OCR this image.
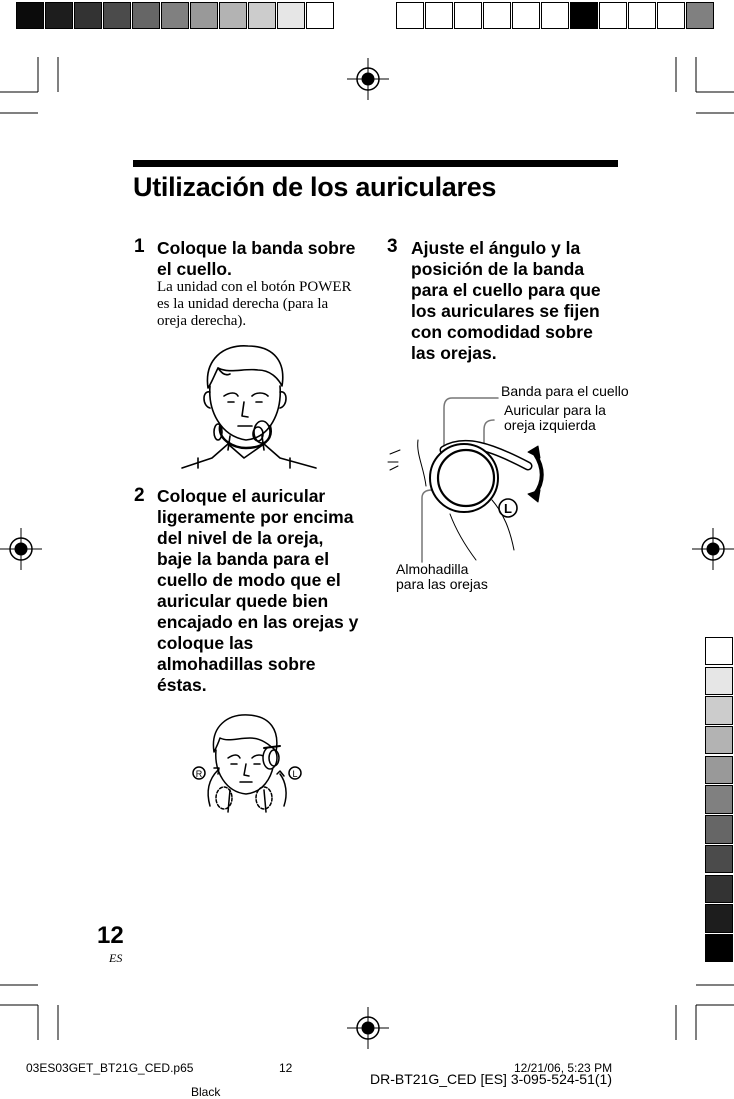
Utilización de los auriculares
1 Coloque la banda sobre
el cuello.
La unidad con el botón POWER
es la unidad derecha (para la
oreja derecha).
2 Coloque el auricular
ligeramente por encima
del nivel de la oreja,
baje la banda para el
cuello de modo que el
auricular quede bien
encajado en las orejas y
coloque las
almohadillas sobre
éstas.
R	L
3 Ajuste el ángulo y la
posición de la banda
para el cuello para que
los auriculares se fijen
con comodidad sobre
las orejas.
Banda para el cuello
Auricular para la
oreja izquierda
Almohadilla
para las orejas
L
12
ES
03ES03GET_BT21G_CED.p65	12	12/21/06, 5:23 PM
DR-BT21G_CED [ES] 3-095-524-51(1)
Black
